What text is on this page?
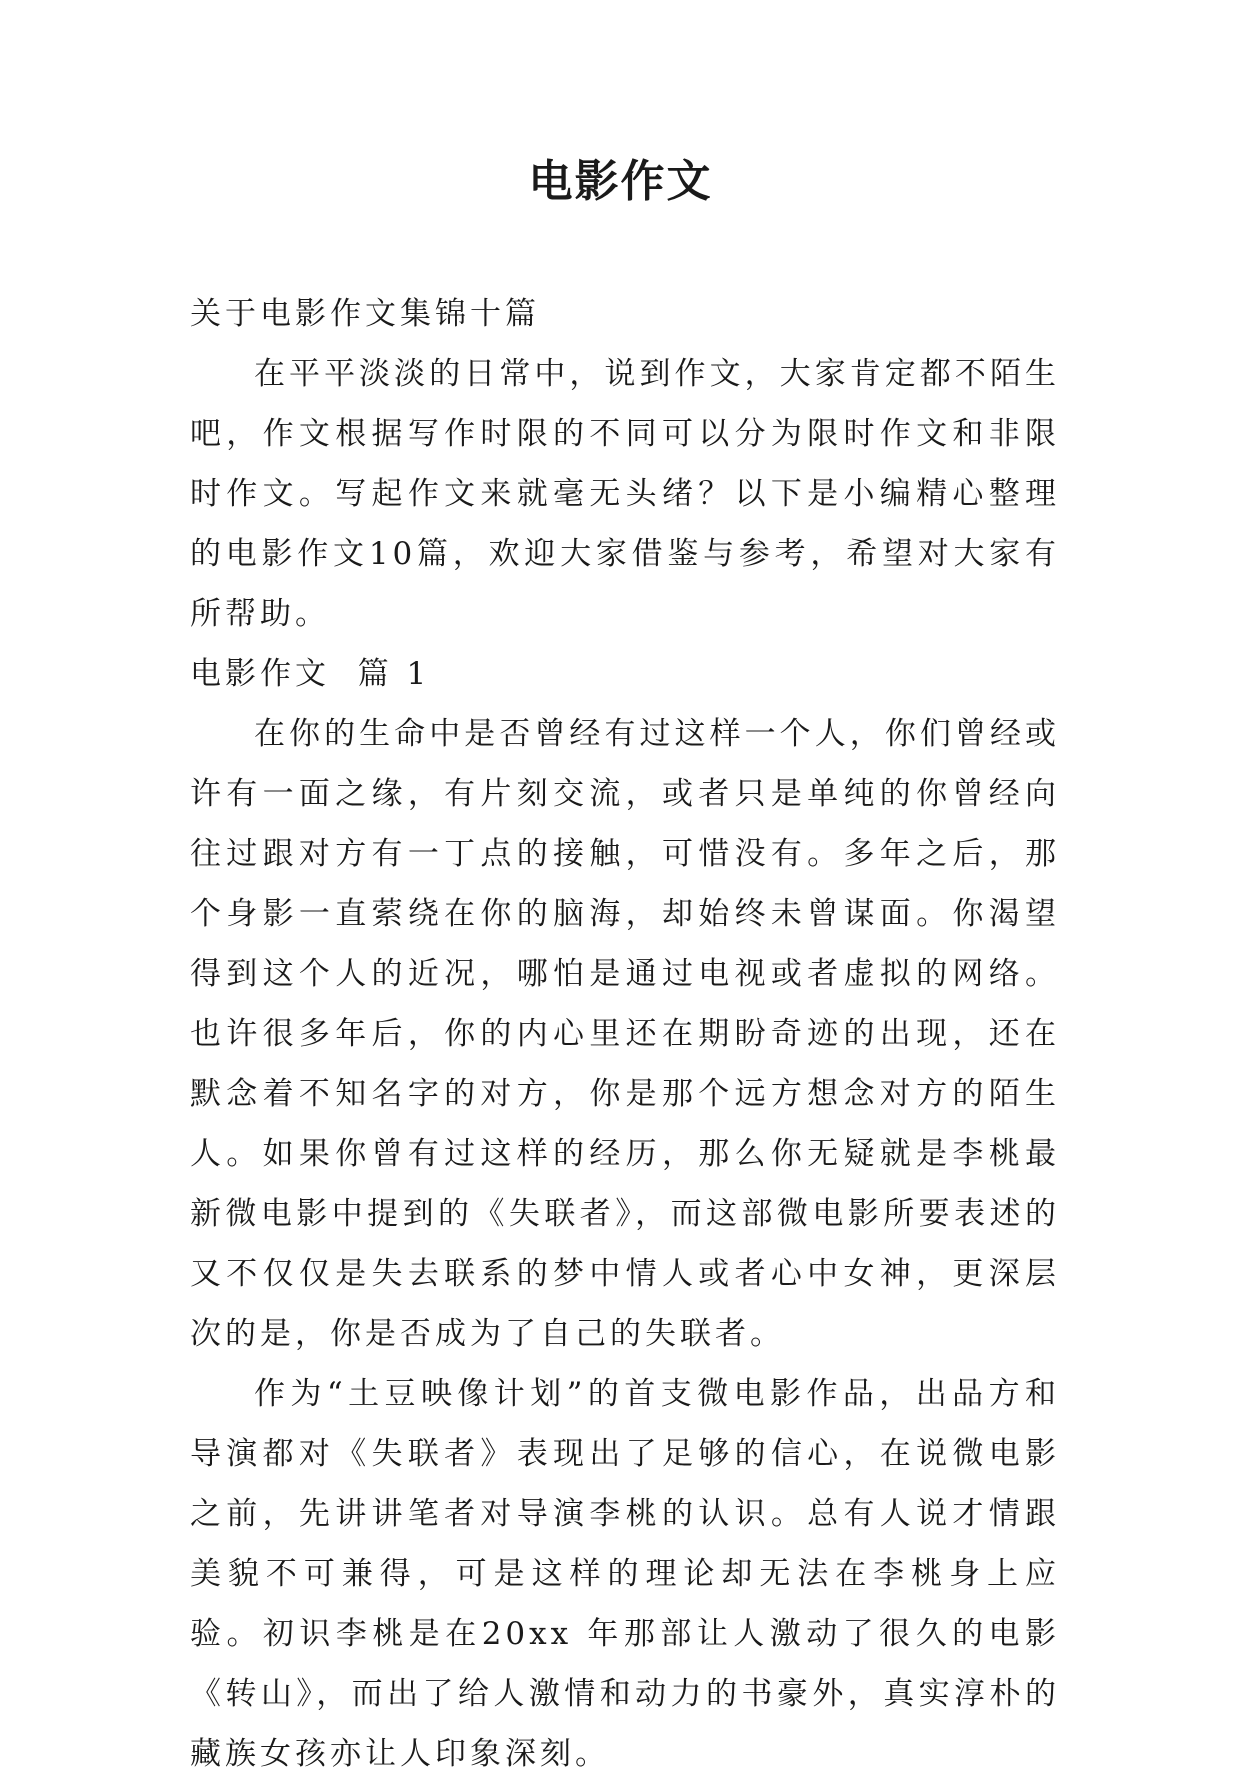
电影作文

关于电影作文集锦十篇

在平平淡淡的日常中，说到作文，大家肯定都不陌生吧，作文根据写作时限的不同可以分为限时作文和非限时作文。写起作文来就毫无头绪？以下是小编精心整理的电影作文10篇，欢迎大家借鉴与参考，希望对大家有所帮助。

电影作文  篇 1

在你的生命中是否曾经有过这样一个人，你们曾经或许有一面之缘，有片刻交流，或者只是单纯的你曾经向往过跟对方有一丁点的接触，可惜没有。多年之后，那个身影一直萦绕在你的脑海，却始终未曾谋面。你渴望得到这个人的近况，哪怕是通过电视或者虚拟的网络。也许很多年后，你的内心里还在期盼奇迹的出现，还在默念着不知名字的对方，你是那个远方想念对方的陌生人。如果你曾有过这样的经历，那么你无疑就是李桃最新微电影中提到的《失联者》，而这部微电影所要表述的又不仅仅是失去联系的梦中情人或者心中女神，更深层次的是，你是否成为了自己的失联者。

作为“土豆映像计划”的首支微电影作品，出品方和导演都对《失联者》表现出了足够的信心，在说微电影之前，先讲讲笔者对导演李桃的认识。总有人说才情跟美貌不可兼得，可是这样的理论却无法在李桃身上应验。初识李桃是在20xx 年那部让人激动了很久的电影《转山》，而出了给人激情和动力的书豪外，真实淳朴的藏族女孩亦让人印象深刻。
